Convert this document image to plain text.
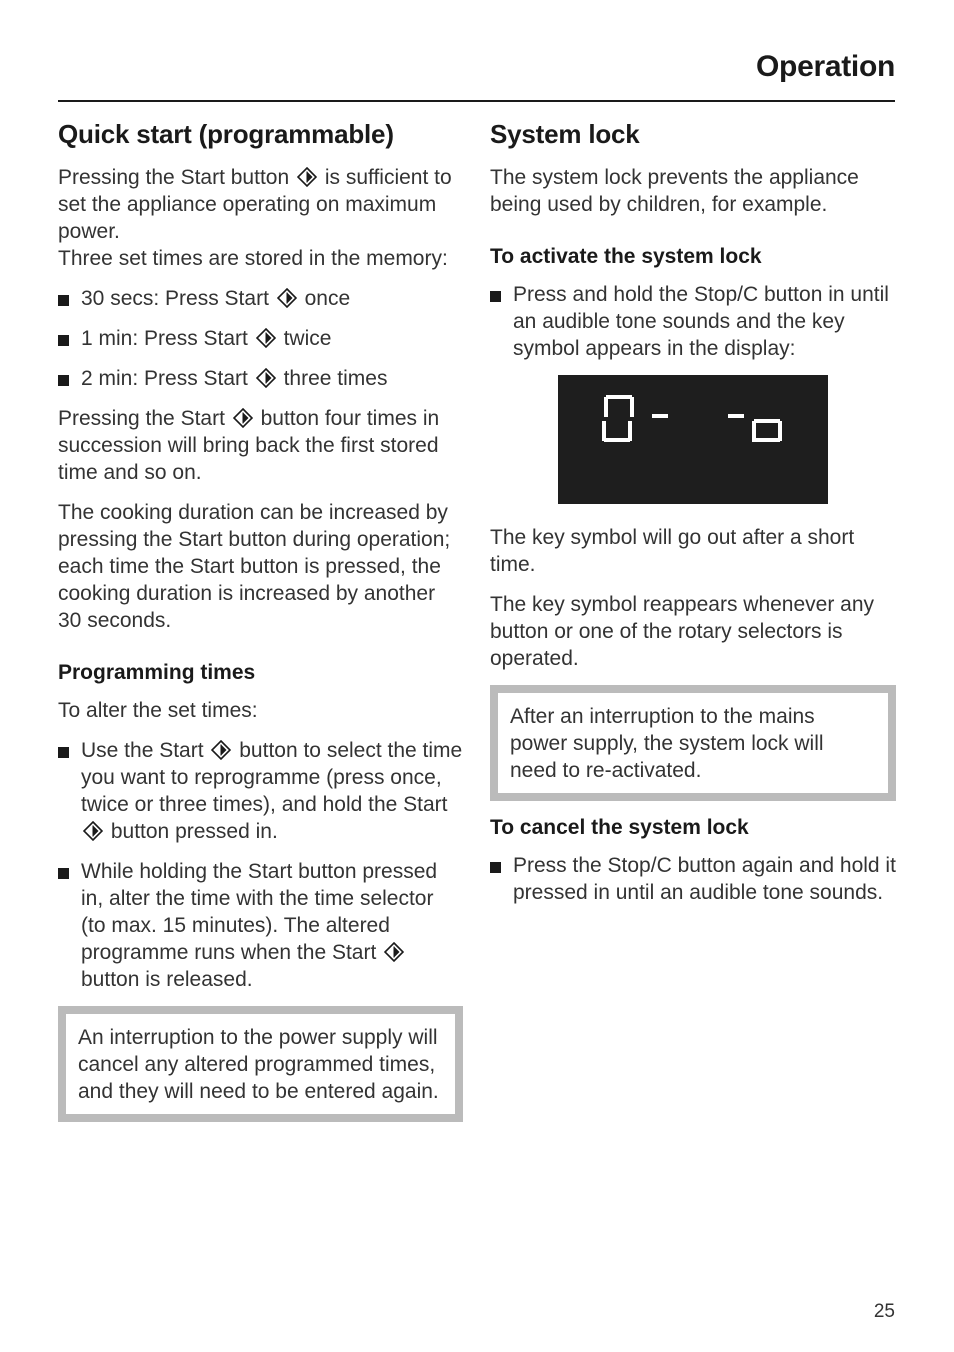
Operation
Quick start (programmable)

Pressing the Start button is sufficient to set the appliance operating on maximum power.
Three set times are stored in the memory:

30 secs: Press Start once
1 min: Press Start twice
2 min: Press Start three times

Pressing the Start button four times in succession will bring back the first stored time and so on.

The cooking duration can be increased by pressing the Start button during operation; each time the Start button is pressed, the cooking duration is increased by another 30 seconds.

Programming times

To alter the set times:

Use the Start button to select the time you want to reprogramme (press once, twice or three times), and hold the Start  button pressed in.
While holding the Start button pressed in, alter the time with the time selector (to max. 15 minutes). The altered programme runs when the Start  button is released.

An interruption to the power supply will cancel any altered programmed times, and they will need to be entered again.

System lock

The system lock prevents the appliance being used by children, for example.

To activate the system lock
Press and hold the Stop/C button in until an audible tone sounds and the key symbol appears in the display:

The key symbol will go out after a short time.

The key symbol reappears whenever any button or one of the rotary selectors is operated.

After an interruption to the mains power supply, the system lock will need to re-activated.

To cancel the system lock
Press the Stop/C button again and hold it pressed in until an audible tone sounds.
25
